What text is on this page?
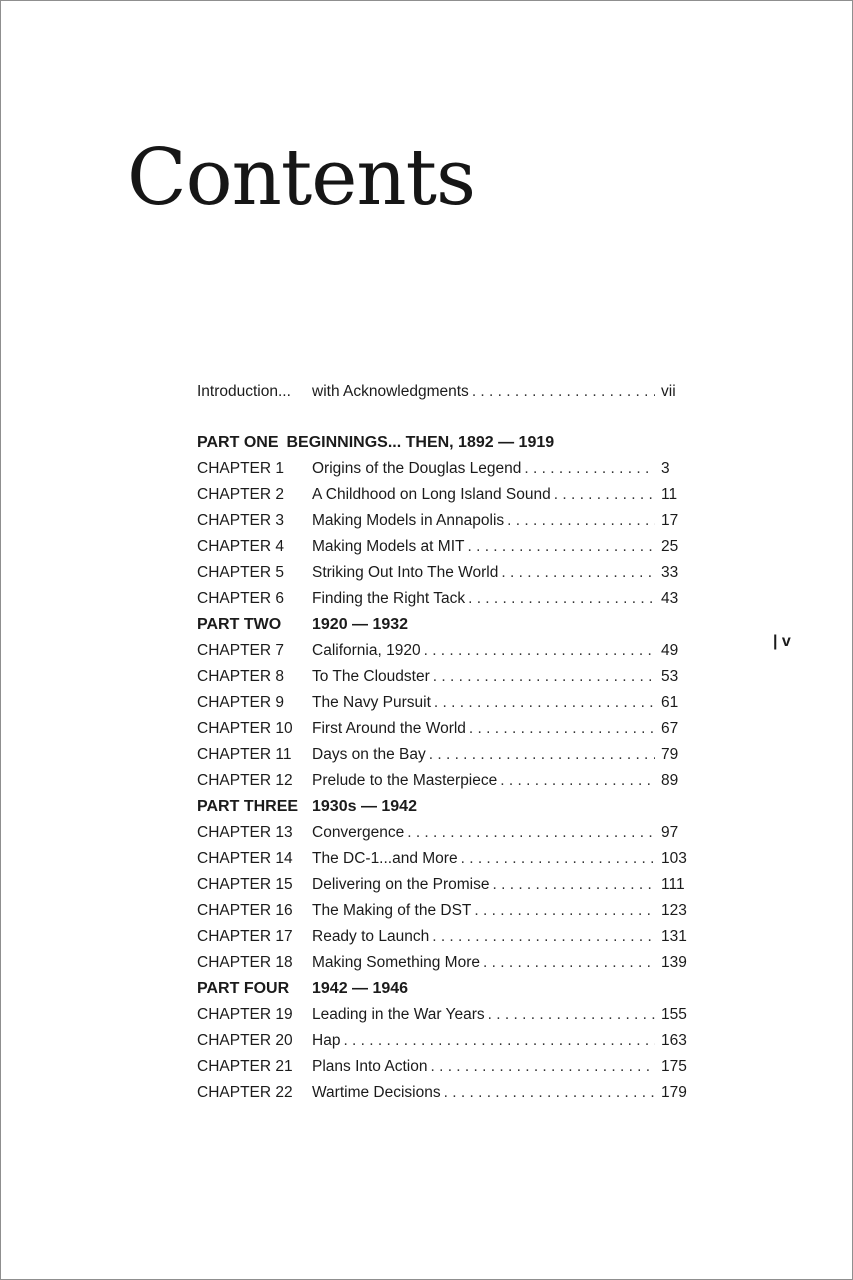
Contents
| v
Introduction...	with Acknowledgments . . .	vii
PART ONE BEGINNINGS... THEN, 1892 — 1919
CHAPTER 1	Origins of the Douglas Legend . . .	3
CHAPTER 2	A Childhood on Long Island Sound . . .	11
CHAPTER 3	Making Models in Annapolis . . .	17
CHAPTER 4	Making Models at MIT . . .	25
CHAPTER 5	Striking Out Into The World . . .	33
CHAPTER 6	Finding the Right Tack . . .	43
PART TWO	1920 — 1932
CHAPTER 7	California, 1920 . . .	49
CHAPTER 8	To The Cloudster . . .	53
CHAPTER 9	The Navy Pursuit . . .	61
CHAPTER 10	First Around the World . . .	67
CHAPTER 11	Days on the Bay . . .	79
CHAPTER 12	Prelude to the Masterpiece . . .	89
PART THREE 1930s — 1942
CHAPTER 13	Convergence . . .	97
CHAPTER 14	The DC-1...and More . . .	103
CHAPTER 15	Delivering on the Promise . . .	111
CHAPTER 16	The Making of the DST . . .	123
CHAPTER 17	Ready to Launch . . .	131
CHAPTER 18	Making Something More . . .	139
PART FOUR	1942 — 1946
CHAPTER 19	Leading in the War Years . . .	155
CHAPTER 20	Hap . . .	163
CHAPTER 21	Plans Into Action . . .	175
CHAPTER 22	Wartime Decisions . . .	179
